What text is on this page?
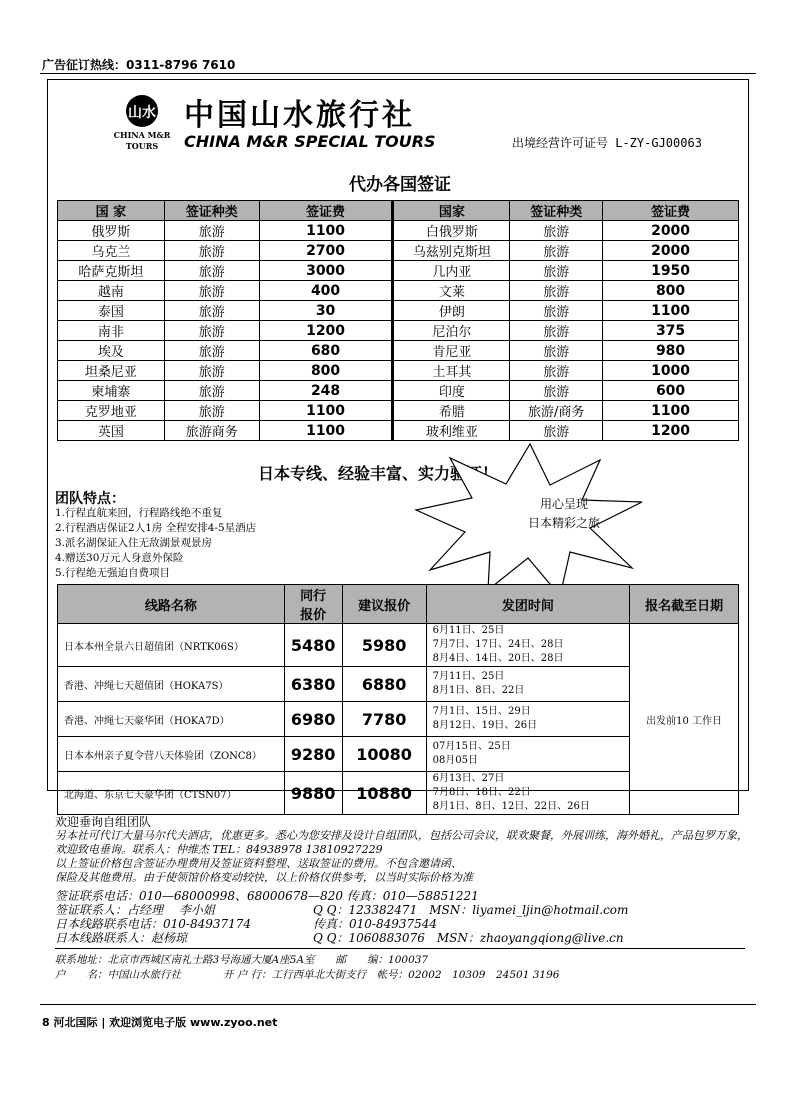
广告征订热线：0311-8796 7610
山水
CHINA M&R
TOURS
中国山水旅行社
CHINA M&R SPECIAL TOURS	出境经营许可证号 L-ZY-GJ00063
代办各国签证
国 家	签证种类	签证费	国家	签证种类	签证费
俄罗斯	旅游	1100	白俄罗斯	旅游	2000
乌克兰	旅游	2700	乌兹别克斯坦	旅游	2000
哈萨克斯坦	旅游	3000	几内亚	旅游	1950
越南	旅游	400	文莱	旅游	800
泰国	旅游	30	伊朗	旅游	1100
南非	旅游	1200	尼泊尔	旅游	375
埃及	旅游	680	肯尼亚	旅游	980
坦桑尼亚	旅游	800	土耳其	旅游	1000
柬埔寨	旅游	248	印度	旅游	600
克罗地亚	旅游	1100	希腊	旅游/商务	1100
英国	旅游商务	1100	玻利维亚	旅游	1200
日本专线、经验丰富、实力验证！
用心呈现
日本精彩之旅
团队特点：
1.行程直航来回，行程路线绝不重复
2.行程酒店保证2人1房 全程安排4-5星酒店
3.派名湖保证入住无敌湖景观景房
4.赠送30万元人身意外保险
5.行程绝无强迫自费项目
线路名称	同行
报价	建议报价	发团时间	报名截至日期
日本本州全景六日超值团（NRTK06S）	5480	5980	6月11日、25日
7月7日、17日、24日、28日
8月4日、14日、20日、28日	出发前10 工作日
香港、冲绳七天超值团（HOKA7S）	6380	6880	7月11日、25日
8月1日、8日、22日	

香港、冲绳七天豪华团（HOKA7D）	6980	7780	7月1日、15日、29日
8月12日、19日、26日	

日本本州亲子夏令营八天体验团（ZONC8）	9280	10080	07月15日、25日
08月05日	

北海道、东京七天豪华团（CTSN07）	9880	10880	6月13日、27日
7月8日、18日、22日
8月1日、8日、12日、22日、26日	
欢迎垂询自组团队
另本社可代订大量马尔代夫酒店，优惠更多。悉心为您安排及设计自组团队，包括公司会议，联欢聚餐，外展训练，海外婚礼，产品包罗万象，欢迎致电垂询。联系人：仲维杰 TEL：84938978 13810927229
以上签证价格包含签证办理费用及签证资料整理、送取签证的费用。不包含邀请函、
保险及其他费用。由于使领馆价格变动较快，以上价格仅供参考，以当时实际价格为准
签证联系电话：010—68000998、68000678—820 传真：010—58851221
签证联系人：占经理　 李小姐	Q Q：123382471　MSN：liyamei_ljin@hotmail.com
日本线路联系电话：010-84937174	传真：010-84937544
日本线路联系人：赵杨琼	Q Q：1060883076　MSN：zhaoyangqiong@live.cn
联系地址：北京市西城区南礼士路3号海通大厦A座5A室　　邮　　编：100037
户　　名：中国山水旅行社　　　　开 户 行：工行西单北大街支行　帐号：02002　10309　24501 3196
8 河北国际 | 欢迎浏览电子版 www.zyoo.net
